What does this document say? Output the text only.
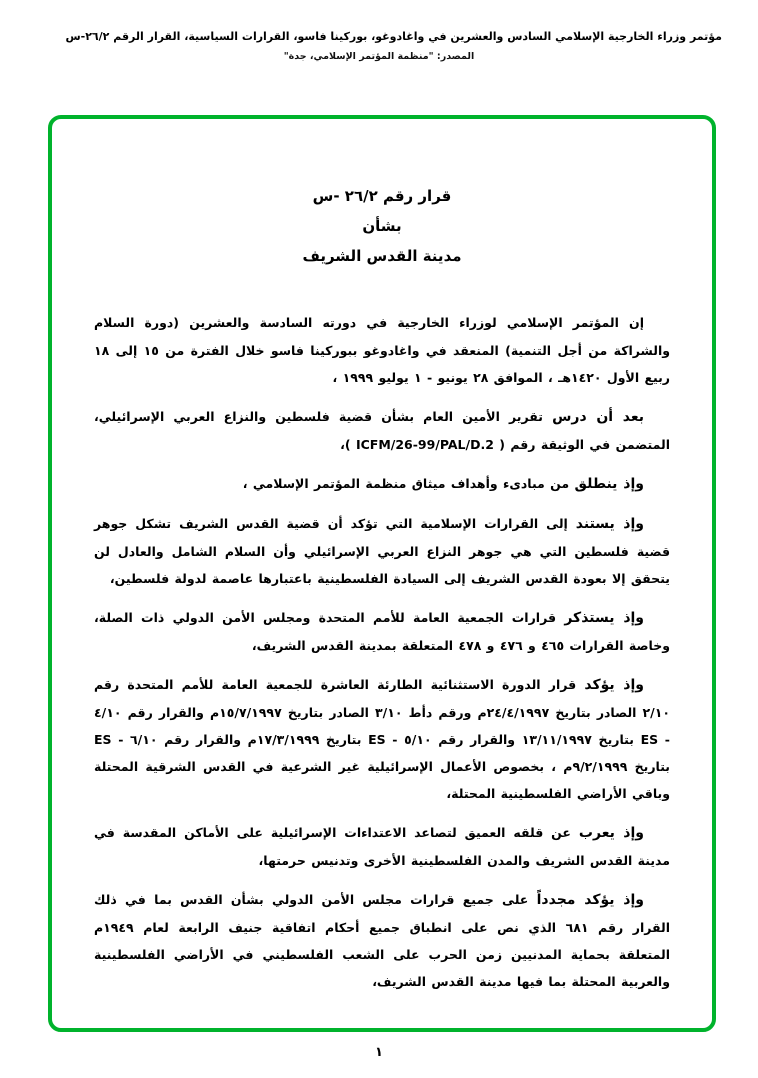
مؤتمر وزراء الخارجية الإسلامي السادس والعشرين في واغادوغو، بوركينا فاسو، القرارات السياسية، القرار الرقم ٢٦/٢-س
المصدر: "منظمة المؤتمر الإسلامي، جدة"
قرار رقم ٢٦/٢ -س
بشأن
مدينة القدس الشريف

إن المؤتمر الإسلامي لوزراء الخارجية في دورته السادسة والعشرين (دورة السلام والشراكة من أجل التنمية) المنعقد في واغادوغو ببوركينا فاسو خلال الفترة من ١٥ إلى ١٨ ربيع الأول ١٤٢٠هـ ، الموافق ٢٨ يونيو - ١ يوليو ١٩٩٩ ،

بعد أن درس تقرير الأمين العام بشأن قضية فلسطين والنزاع العربي الإسرائيلي، المتضمن في الوثيقة رقم ( ICFM/26-99/PAL/D.2 )،

وإذ ينطلق من مبادىء وأهداف ميثاق منظمة المؤتمر الإسلامي ،

وإذ يستند إلى القرارات الإسلامية التي تؤكد أن قضية القدس الشريف تشكل جوهر قضية فلسطين التي هي جوهر النزاع العربي الإسرائيلي وأن السلام الشامل والعادل لن يتحقق إلا بعودة القدس الشريف إلى السيادة الفلسطينية باعتبارها عاصمة لدولة فلسطين،

وإذ يستذكر قرارات الجمعية العامة للأمم المتحدة ومجلس الأمن الدولي ذات الصلة، وخاصة القرارات ٤٦٥ و ٤٧٦ و ٤٧٨ المتعلقة بمدينة القدس الشريف،

وإذ يؤكد قرار الدورة الاستثنائية الطارئة العاشرة للجمعية العامة للأمم المتحدة رقم ٢/١٠ الصادر بتاريخ ٢٤/٤/١٩٩٧م ورقم دأط ٣/١٠ الصادر بتاريخ ١٥/٧/١٩٩٧م والقرار رقم ٤/١٠ - ES بتاريخ ١٣/١١/١٩٩٧ والقرار رقم ٥/١٠ - ES بتاريخ ١٧/٣/١٩٩٩م والقرار رقم ٦/١٠ - ES بتاريخ ٩/٢/١٩٩٩م ، بخصوص الأعمال الإسرائيلية غير الشرعية في القدس الشرقية المحتلة وباقي الأراضي الفلسطينية المحتلة،

وإذ يعرب عن قلقه العميق لتصاعد الاعتداءات الإسرائيلية على الأماكن المقدسة في مدينة القدس الشريف والمدن الفلسطينية الأخرى وتدنيس حرمتها،

وإذ يؤكد مجدداً على جميع قرارات مجلس الأمن الدولي بشأن القدس بما في ذلك القرار رقم ٦٨١ الذي نص على انطباق جميع أحكام اتفاقية جنيف الرابعة لعام ١٩٤٩م المتعلقة بحماية المدنيين زمن الحرب على الشعب الفلسطيني في الأراضي الفلسطينية والعربية المحتلة بما فيها مدينة القدس الشريف،

١
